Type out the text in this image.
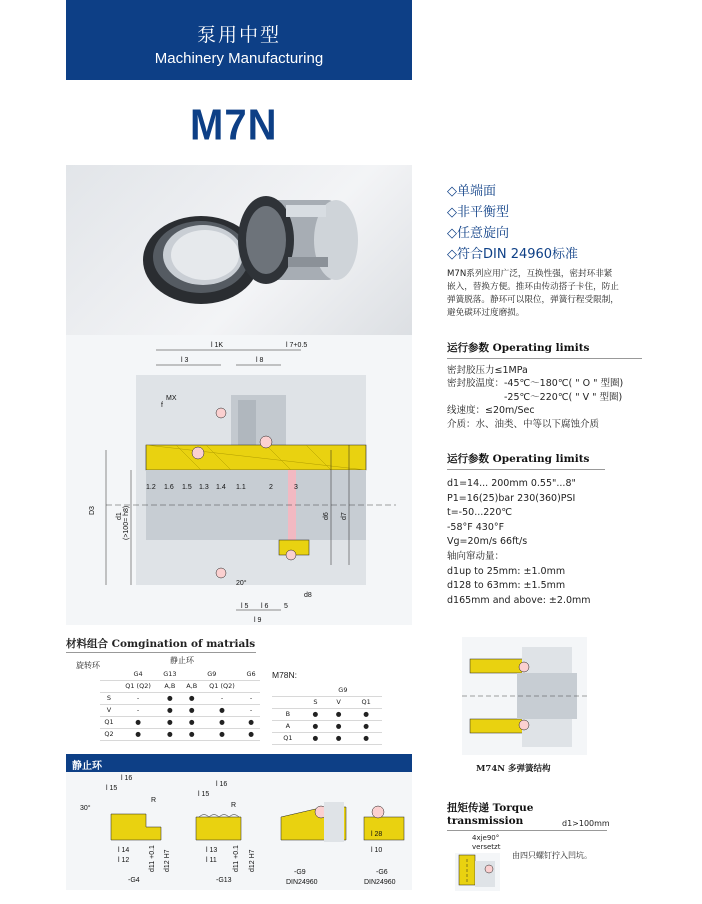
泵用中型
Machinery Manufacturing
M7N
◇单端面
◇非平衡型
◇任意旋向
◇符合DIN 24960标准
M7N系列应用广泛，互换性强，密封环非紧
嵌入，替换方便。推环由传动搭子卡住，防止
弹簧脱落。静环可以限位，弹簧行程受限制，
避免碳环过度磨损。
运行参数 Operating limits
密封胶压力≤1MPa
密封胶温度：-45℃～180℃( " O " 型圈)
　　　　　　-25℃～220℃( " V " 型圈)
线速度：≤20m/Sec
介质：水、油类、中等以下腐蚀介质
运行参数 Operating limits
d1=14... 200mm 0.55"...8"
P1=16(25)bar 230(360)PSI
t=-50...220℃
-58°F 430°F
Vg=20m/s 66ft/s
轴向窜动量：
d1up to 25mm: ±1.0mm
d128 to 63mm: ±1.5mm
d165mm and above: ±2.0mm
l 1K	l 7+0.5
l 3	l 8
MX
f
D3
d1 (>100= h8)	d6 d7
l 5 l 6 5
l 9
d8
20°
1.2 1.6 1.5 1.3 1.4 1.1	2	3
材料组合 Comgination of matrials
旋转环
静止环
	G4	G13	G9		G6
	Q1 (Q2)	A,B	A,B	Q1 (Q2)	
S	-	●	●	-	-
V	-	●	●	●	-
Q1	●	●	●	●	●
Q2	●	●	●	●	●
M78N:
	G9		
	S	V	Q1
B	●	●	●
A	●	●	●
Q1	●	●	●
M74N 多弹簧结构
静止环
l 16
l 15
30°
R
l 14
l 12	d11 +0.1 d12 H7
-G4
l 16
l 15
R
l 13
l 11 d11 +0.1 d12 H7
-G13
-G9
DIN24960
l 28
l 10
-G6
DIN24960
扭矩传递 Torque transmission	d1>100mm
4xje90°
versetzt
由四只螺钉拧入凹坑。
